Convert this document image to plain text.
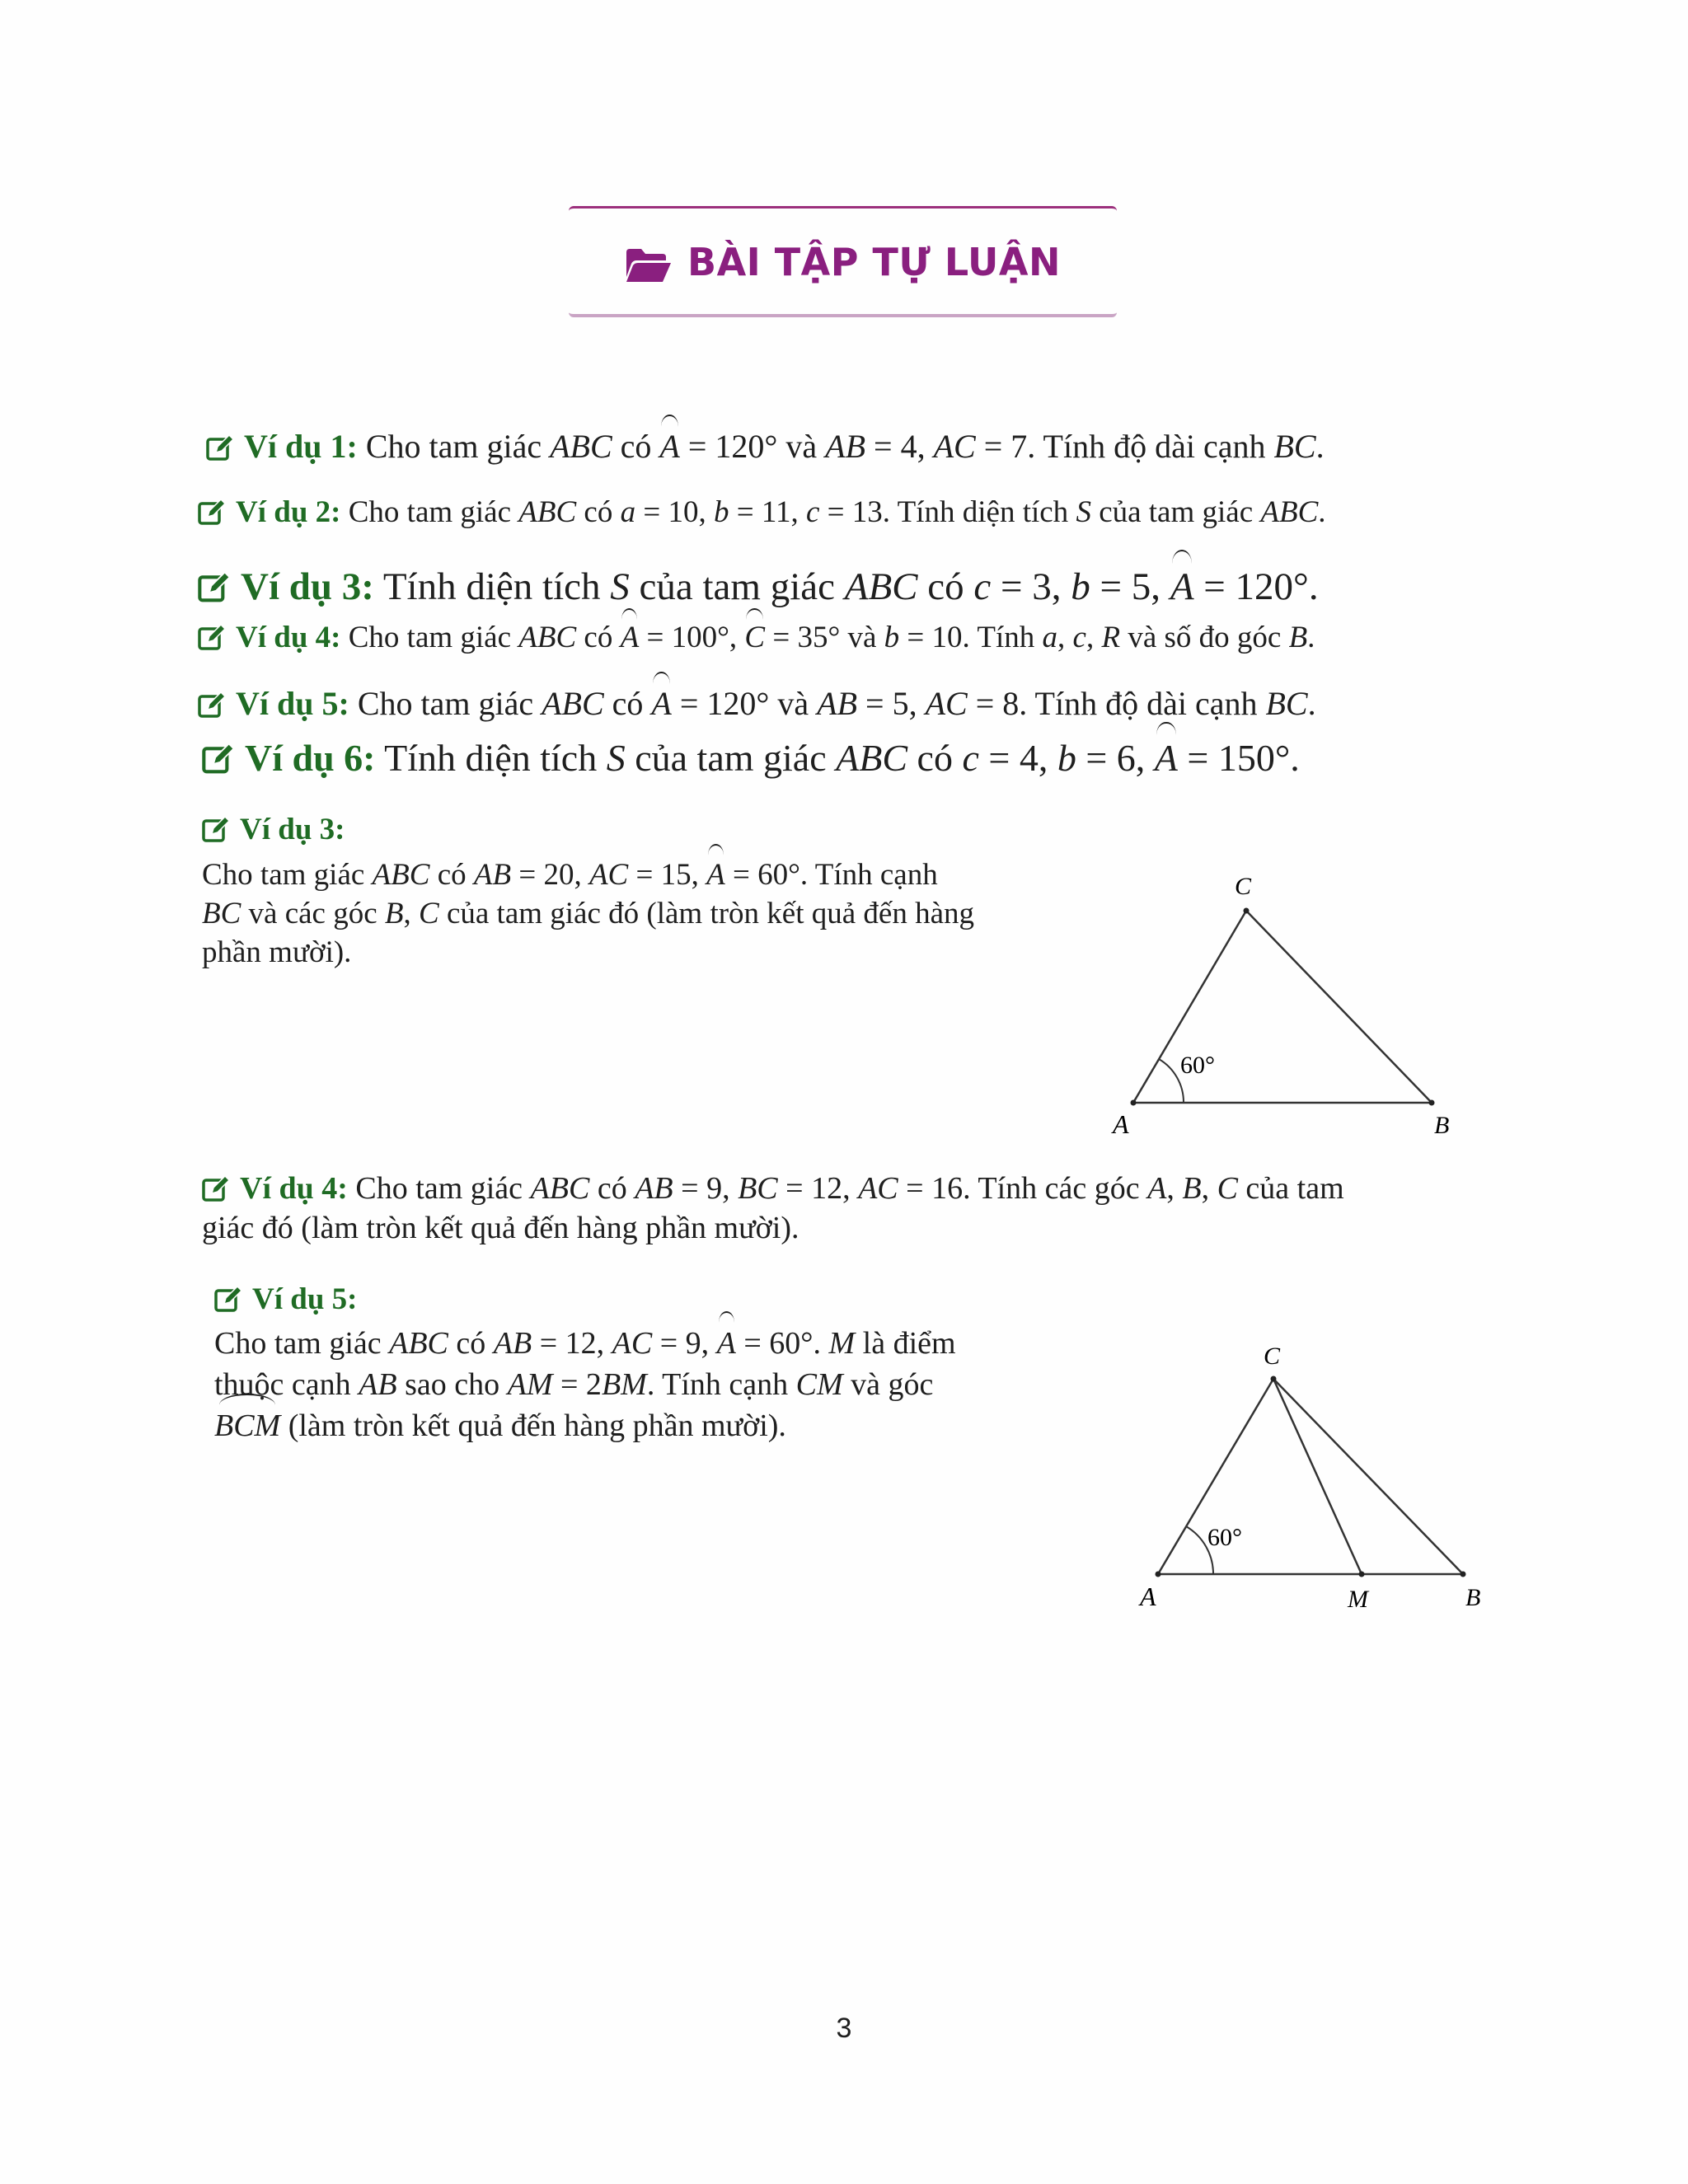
BÀI TẬP TỰ LUẬN
Ví dụ 1: Cho tam giác ABC có A = 120° và AB = 4, AC = 7. Tính độ dài cạnh BC.
Ví dụ 2: Cho tam giác ABC có a = 10, b = 11, c = 13. Tính diện tích S của tam giác ABC.
Ví dụ 3: Tính diện tích S của tam giác ABC có c = 3, b = 5, A = 120°.
Ví dụ 4: Cho tam giác ABC có A = 100°, C = 35° và b = 10. Tính a, c, R và số đo góc B.
Ví dụ 5: Cho tam giác ABC có A = 120° và AB = 5, AC = 8. Tính độ dài cạnh BC.
Ví dụ 6: Tính diện tích S của tam giác ABC có c = 4, b = 6, A = 150°.
Ví dụ 3:
Cho tam giác ABC có AB = 20, AC = 15, A = 60°. Tính cạnh
BC và các góc B, C của tam giác đó (làm tròn kết quả đến hàng
phần mười).
A	B
C
60°
Ví dụ 4: Cho tam giác ABC có AB = 9, BC = 12, AC = 16. Tính các góc A, B, C của tam
giác đó (làm tròn kết quả đến hàng phần mười).
Ví dụ 5:
Cho tam giác ABC có AB = 12, AC = 9, A = 60°. M là điểm
thuộc cạnh AB sao cho AM = 2BM. Tính cạnh CM và góc
BCM (làm tròn kết quả đến hàng phần mười).
A	M	B
C
60°
3
